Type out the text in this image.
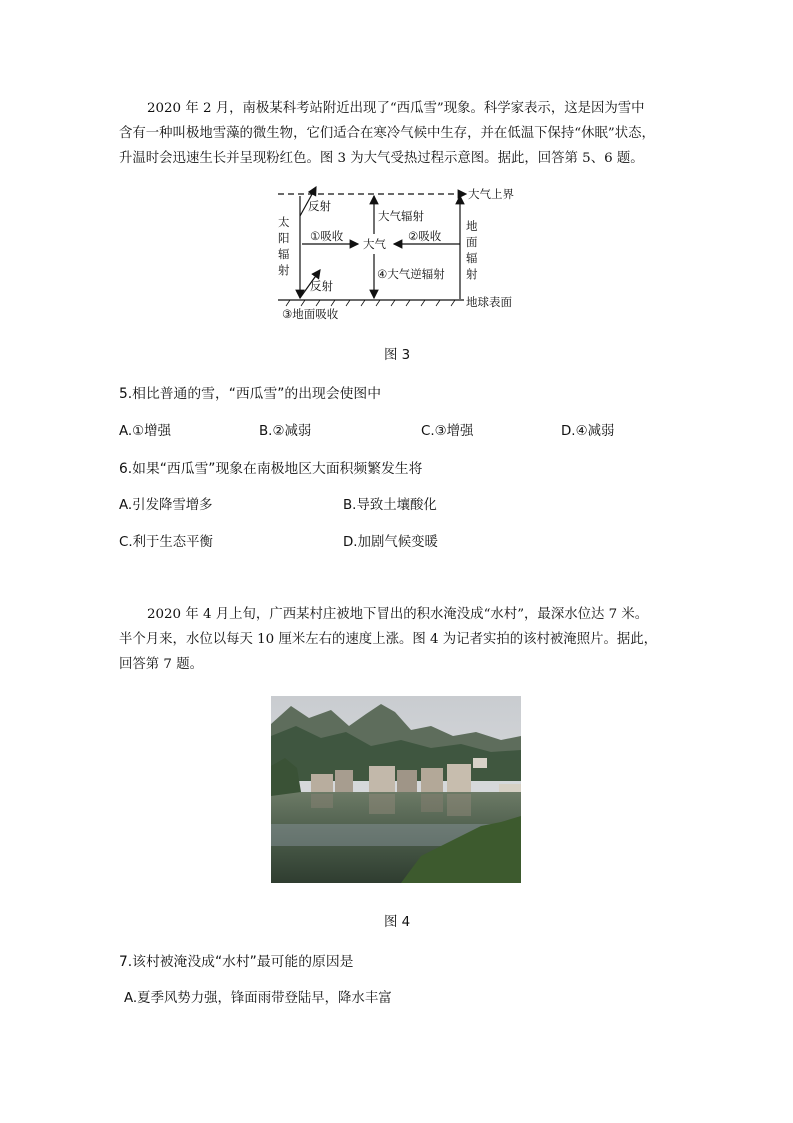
2020 年 2 月，南极某科考站附近出现了“西瓜雪”现象。科学家表示，这是因为雪中
含有一种叫极地雪藻的微生物，它们适合在寒冷气候中生存，并在低温下保持“休眠”状态，
升温时会迅速生长并呈现粉红色。图 3 为大气受热过程示意图。据此，回答第 5、6 题。
大气上界
地球表面
太
阳
辐
射
反射
反射
①吸收
大气
大气辐射
④大气逆辐射
②吸收
地
面
辐
射
③地面吸收
图 3
5.相比普通的雪，“西瓜雪”的出现会使图中
A.①增强	B.②减弱	C.③增强	D.④减弱
6.如果“西瓜雪”现象在南极地区大面积频繁发生将
A.引发降雪增多	B.导致土壤酸化
C.利于生态平衡	D.加剧气候变暖
2020 年 4 月上旬，广西某村庄被地下冒出的积水淹没成“水村”，最深水位达 7 米。
半个月来，水位以每天 10 厘米左右的速度上涨。图 4 为记者实拍的该村被淹照片。据此，
回答第 7 题。
图 4
7.该村被淹没成“水村”最可能的原因是
A.夏季风势力强，锋面雨带登陆早，降水丰富
